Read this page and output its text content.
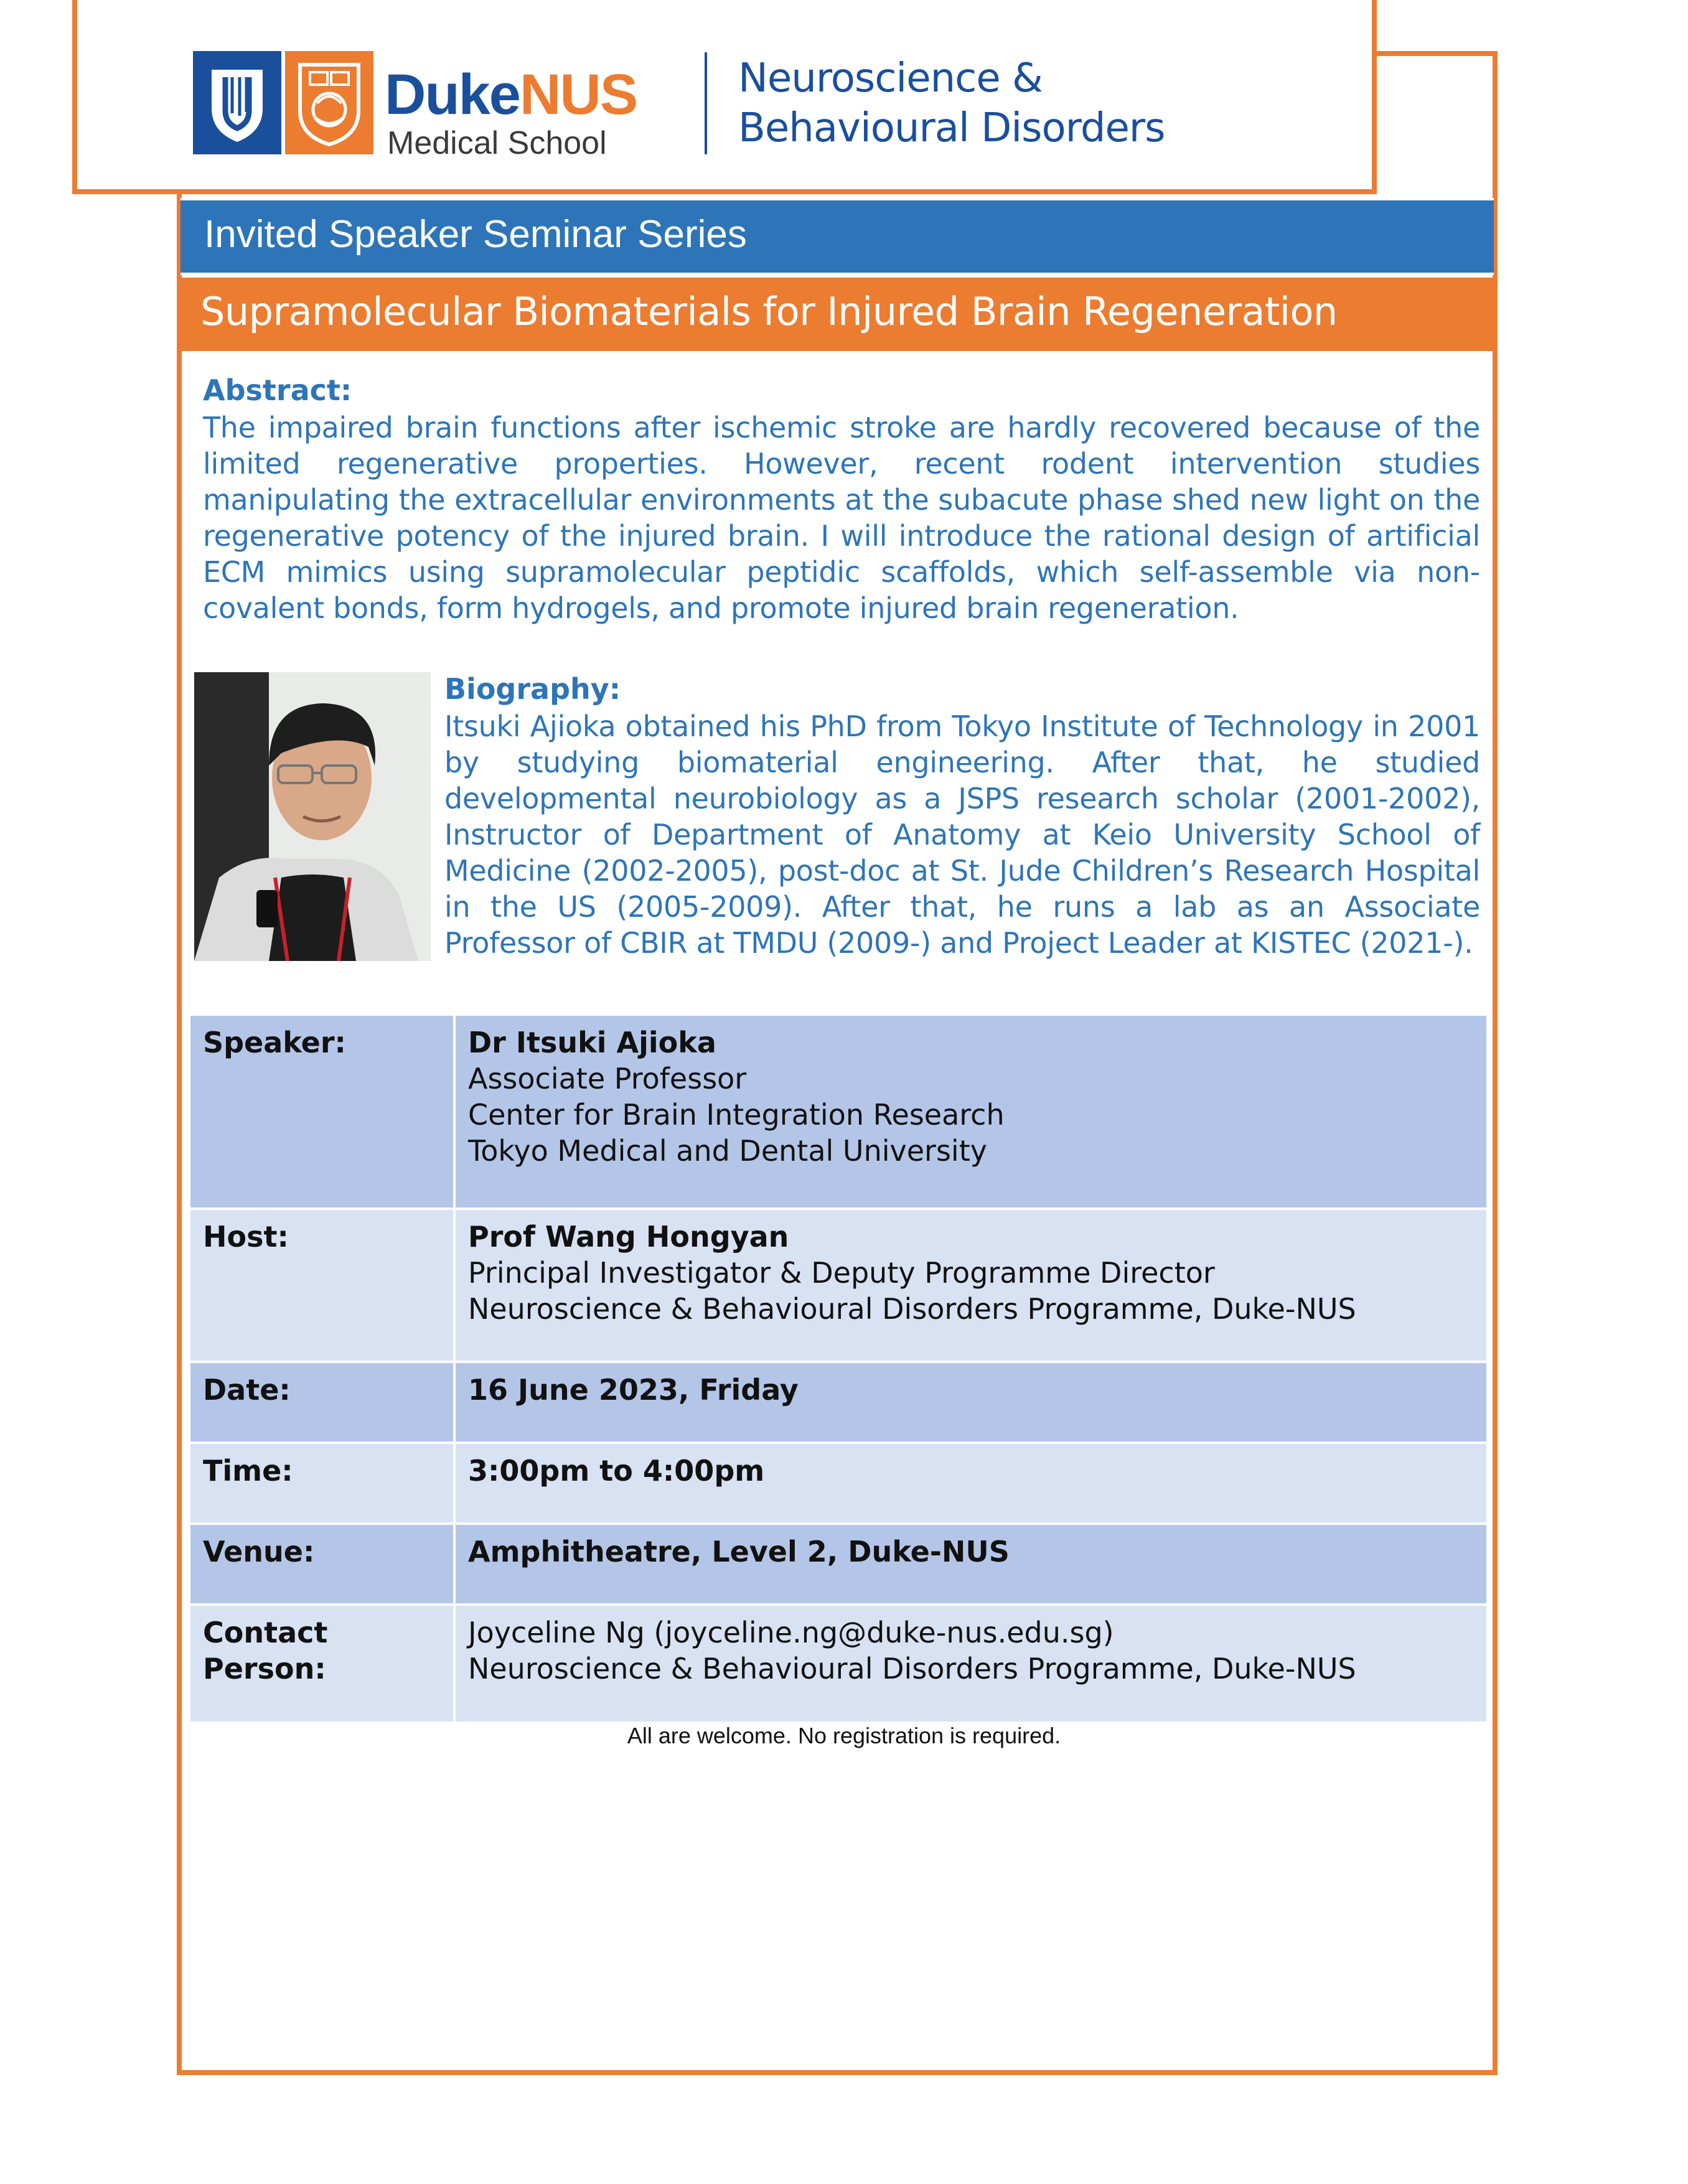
DukeNUS
Medical School
Neuroscience &
Behavioural Disorders
Invited Speaker Seminar Series
Supramolecular Biomaterials for Injured Brain Regeneration
Abstract:
The impaired brain functions after ischemic stroke are hardly recovered because of the limited regenerative properties. However, recent rodent intervention studies manipulating the extracellular environments at the subacute phase shed new light on the regenerative potency of the injured brain. I will introduce the rational design of artificial ECM mimics using supramolecular peptidic scaffolds, which self-assemble via non-covalent bonds, form hydrogels, and promote injured brain regeneration.
Biography:
Itsuki Ajioka obtained his PhD from Tokyo Institute of Technology in 2001 by studying biomaterial engineering. After that, he studied developmental neurobiology as a JSPS research scholar (2001-2002), Instructor of Department of Anatomy at Keio University School of Medicine (2002-2005), post-doc at St. Jude Children’s Research Hospital in the US (2005-2009). After that, he runs a lab as an Associate Professor of CBIR at TMDU (2009-) and Project Leader at KISTEC (2021-).
Speaker:	Dr Itsuki Ajioka
Associate Professor
Center for Brain Integration Research
Tokyo Medical and Dental University

Host:	Prof Wang Hongyan
Principal Investigator & Deputy Programme Director
Neuroscience & Behavioural Disorders Programme, Duke-NUS

Date:	16 June 2023, Friday
Time:	3:00pm to 4:00pm
Venue:	Amphitheatre, Level 2, Duke-NUS
Contact Person:	Joyceline Ng (joyceline.ng@duke-nus.edu.sg)
Neuroscience & Behavioural Disorders Programme, Duke-NUS
All are welcome. No registration is required.
